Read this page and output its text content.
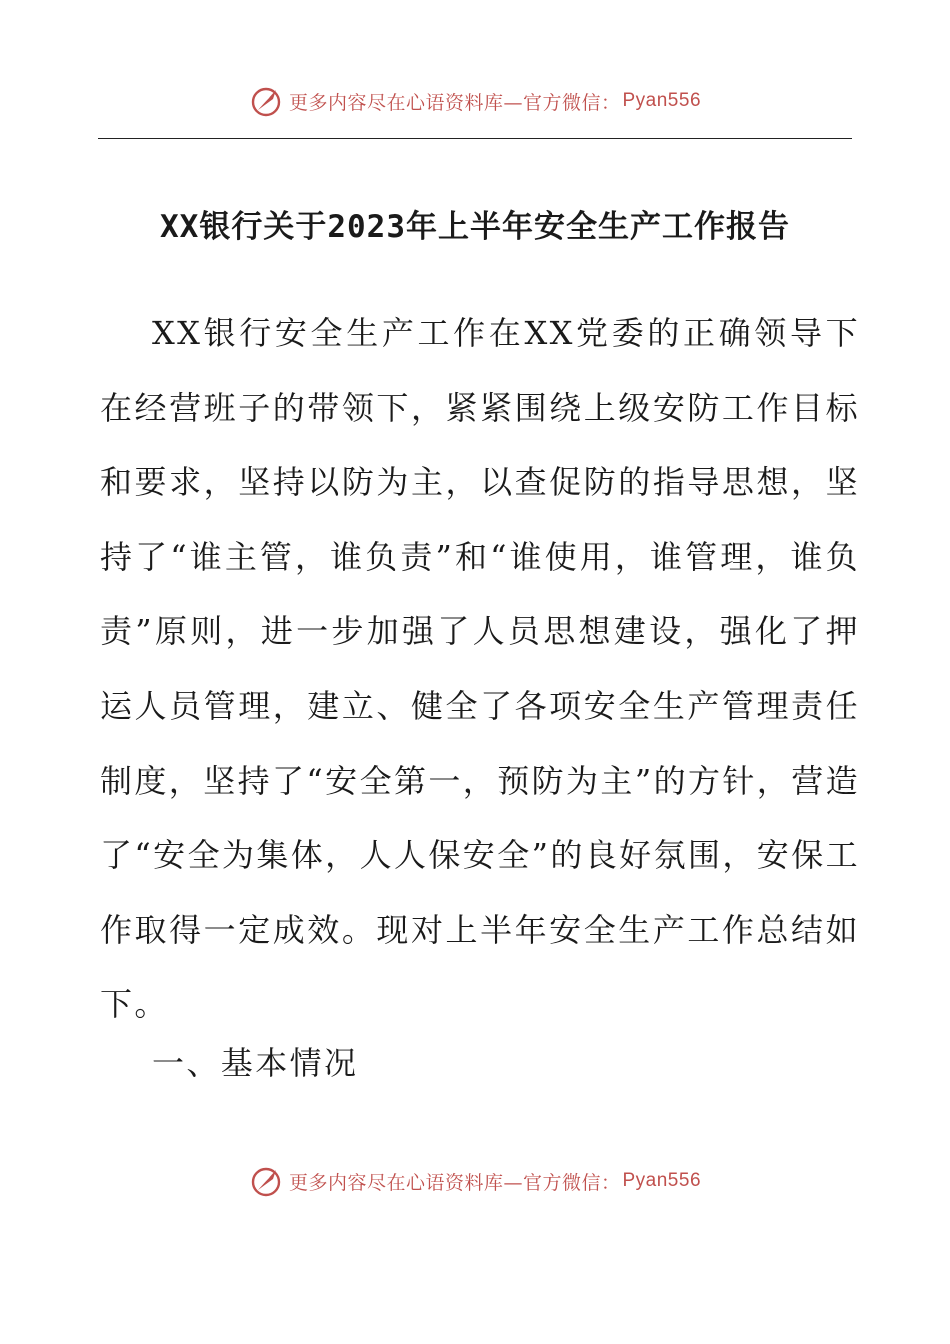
更多内容尽在心语资料库—官方微信： Pyan556
XX银行关于2023年上半年安全生产工作报告

XX银行安全生产工作在XX党委的正确领导下在经营班子的带领下，紧紧围绕上级安防工作目标和要求，坚持以防为主，以查促防的指导思想，坚持了“谁主管，谁负责”和“谁使用，谁管理，谁负责”原则，进一步加强了人员思想建设，强化了押运人员管理，建立、健全了各项安全生产管理责任制度，坚持了“安全第一，预防为主”的方针，营造了“安全为集体，人人保安全”的良好氛围，安保工作取得一定成效。现对上半年安全生产工作总结如下。

一、基本情况

更多内容尽在心语资料库—官方微信： Pyan556
